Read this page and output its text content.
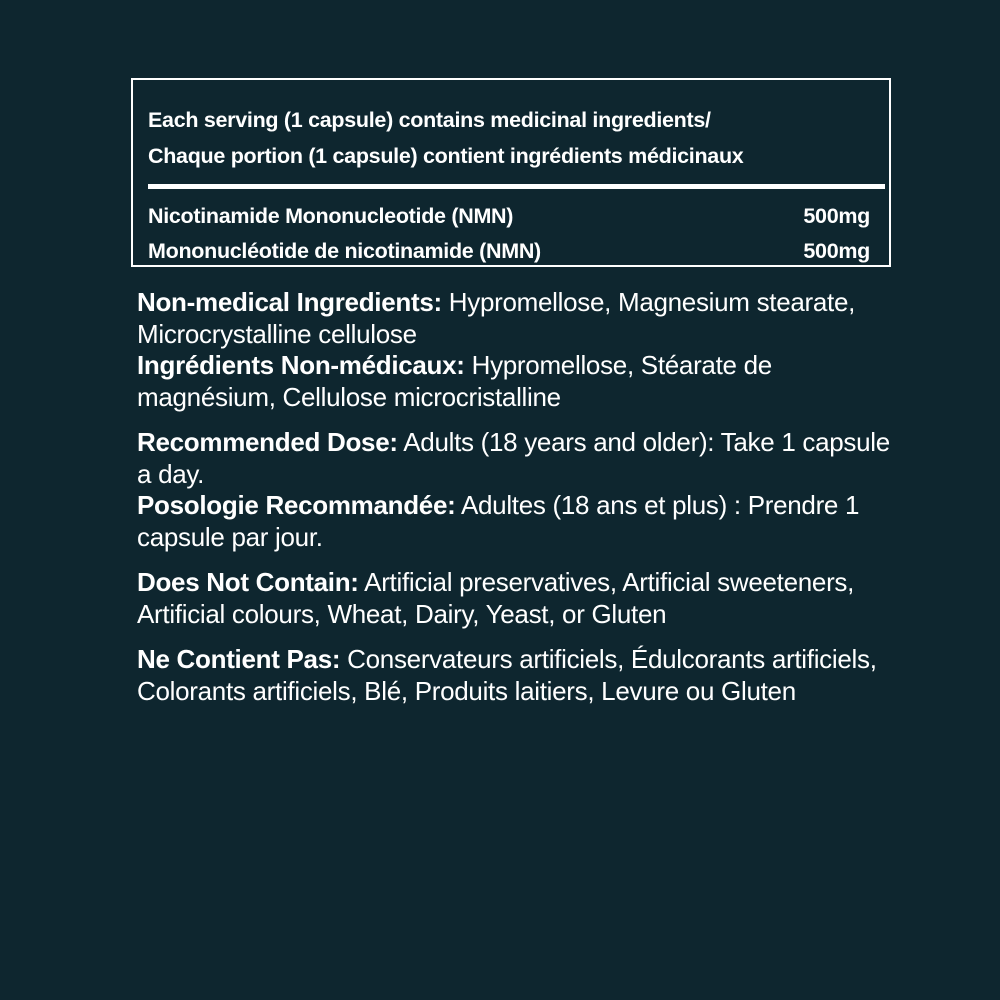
Each serving (1 capsule) contains medicinal ingredients/
Chaque portion (1 capsule) contient ingrédients médicinaux
Nicotinamide Mononucleotide (NMN)	500mg
Mononucléotide de nicotinamide (NMN)	500mg

Non-medical Ingredients: Hypromellose, Magnesium stearate, Microcrystalline cellulose

Ingrédients Non-médicaux: Hypromellose, Stéarate de magnésium, Cellulose microcristalline

Recommended Dose: Adults (18 years and older): Take 1 capsule a day.

Posologie Recommandée: Adultes (18 ans et plus) : Prendre 1 capsule par jour.

Does Not Contain: Artificial preservatives, Artificial sweeteners, Artificial colours, Wheat, Dairy, Yeast, or Gluten

Ne Contient Pas: Conservateurs artificiels, Édulcorants artificiels, Colorants artificiels, Blé, Produits laitiers, Levure ou Gluten
